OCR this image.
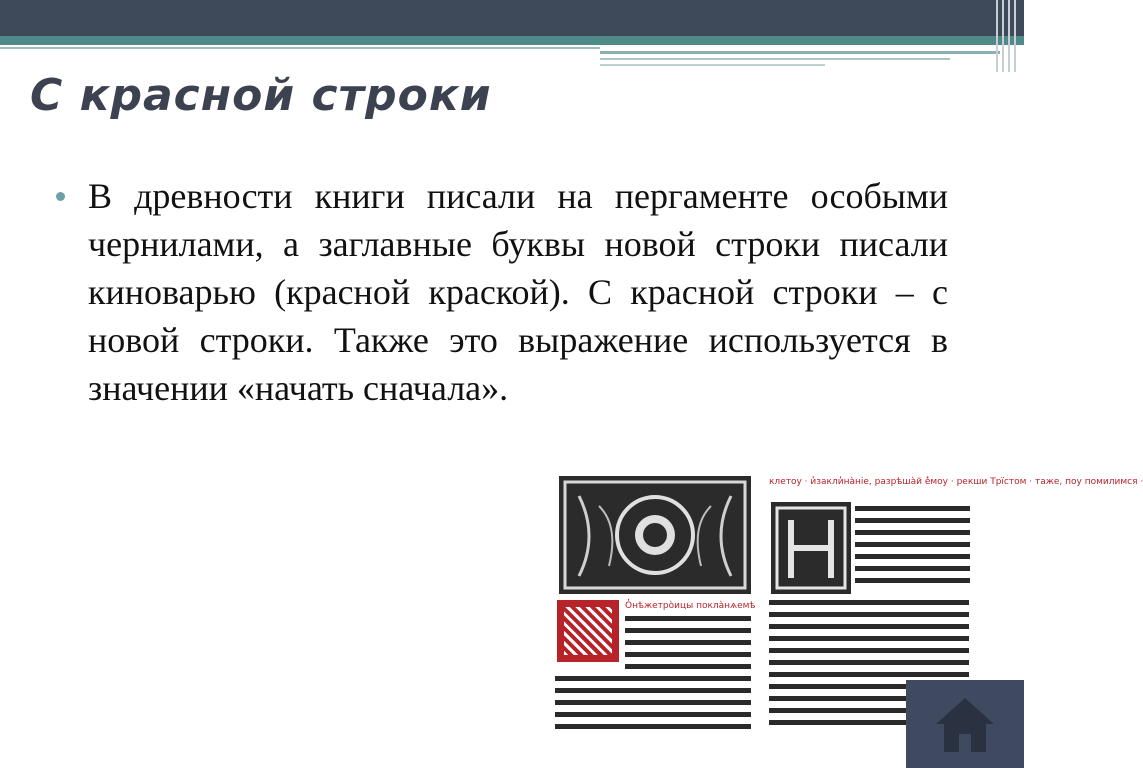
С красной строки
В древности книги писали на пергаменте особыми чернилами, а заглавные буквы новой строки писали киноварью (красной краской). С красной строки – с новой строки. Также это выражение используется в значении «начать сначала».
клетоу · и̓закли̓на̀ніе, разрѣша̀й е̓̀моу · рекши Трїстом · таже, поу помилимся ·
О̓нѣжетро̀ицы покла̀нѧемѣ
